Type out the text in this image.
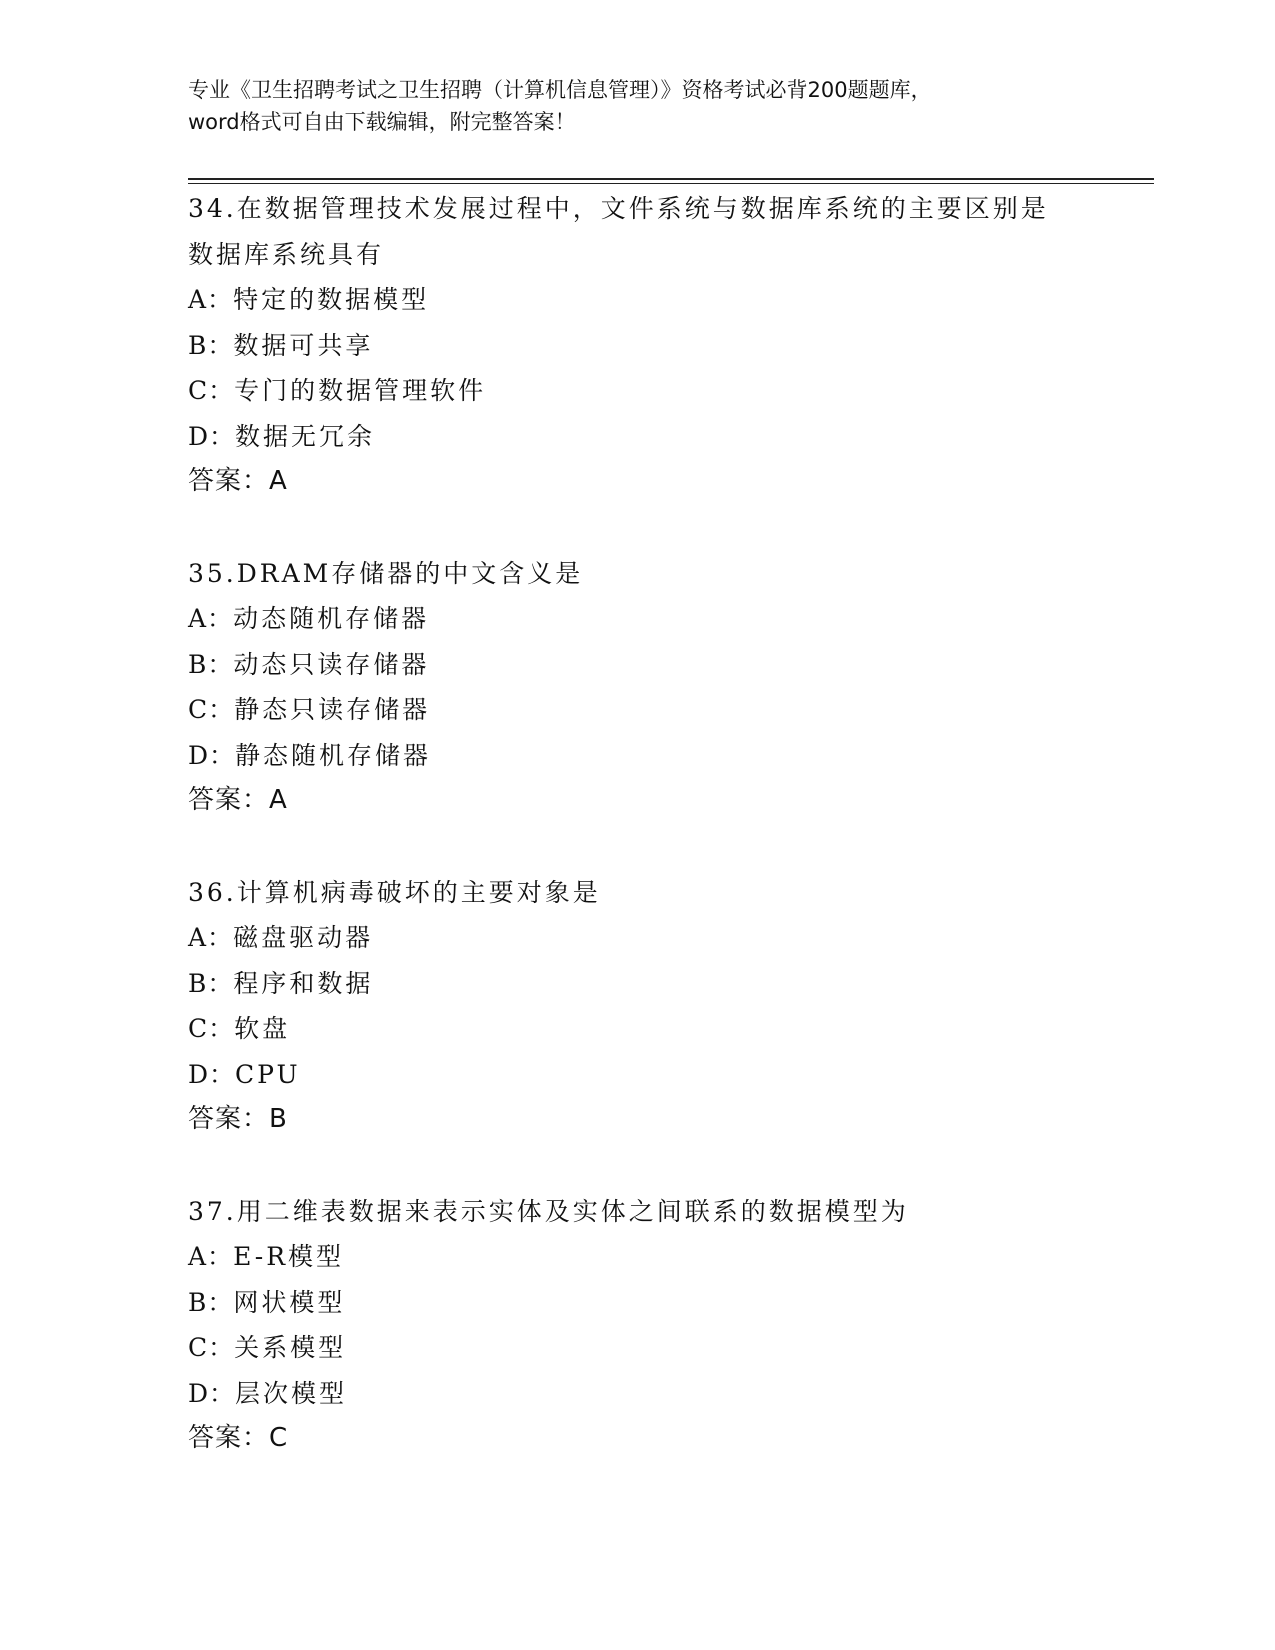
专业《卫生招聘考试之卫生招聘（计算机信息管理）》资格考试必背200题题库，
word格式可自由下载编辑，附完整答案！
34.在数据管理技术发展过程中，文件系统与数据库系统的主要区别是
数据库系统具有
A：特定的数据模型
B：数据可共享
C：专门的数据管理软件
D：数据无冗余
答案：A
35.DRAM存储器的中文含义是
A：动态随机存储器
B：动态只读存储器
C：静态只读存储器
D：静态随机存储器
答案：A
36.计算机病毒破坏的主要对象是
A：磁盘驱动器
B：程序和数据
C：软盘
D：CPU
答案：B
37.用二维表数据来表示实体及实体之间联系的数据模型为
A：E-R模型
B：网状模型
C：关系模型
D：层次模型
答案：C
